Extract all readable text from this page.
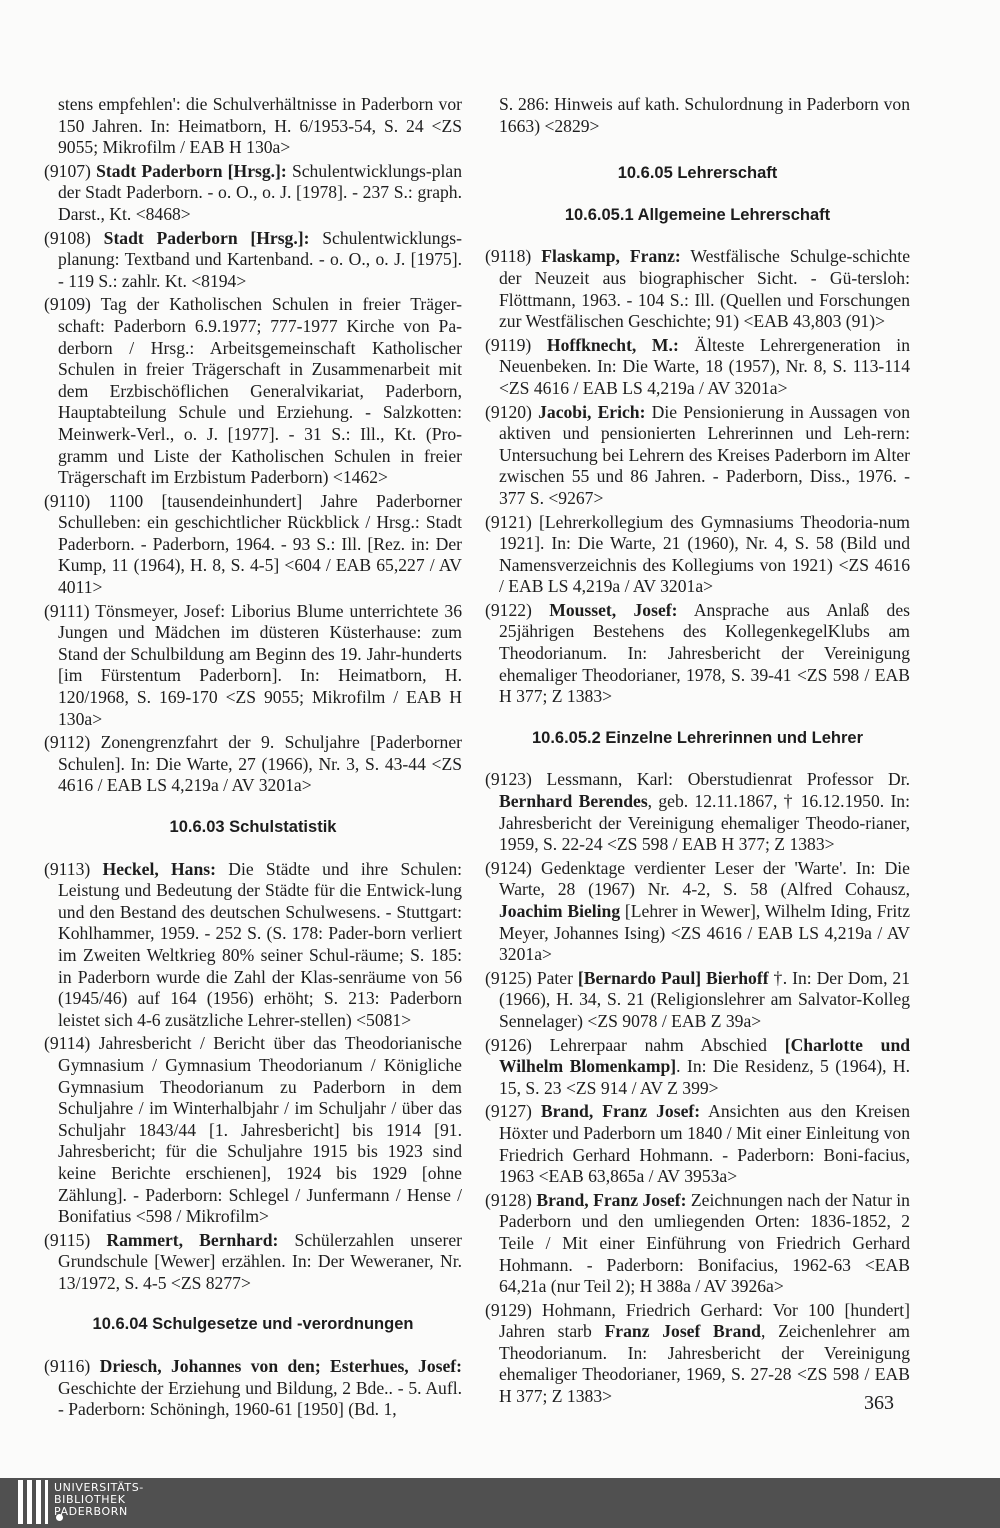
stens empfehlen': die Schulverhältnisse in Paderborn vor 150 Jahren. In: Heimatborn, H. 6/1953-54, S. 24 <ZS 9055; Mikrofilm / EAB H 130a>

(9107) Stadt Paderborn [Hrsg.]: Schulentwicklungs-plan der Stadt Paderborn. - o. O., o. J. [1978]. - 237 S.: graph. Darst., Kt. <8468>

(9108) Stadt Paderborn [Hrsg.]: Schulentwicklungs-planung: Textband und Kartenband. - o. O., o. J. [1975]. - 119 S.: zahlr. Kt. <8194>

(9109) Tag der Katholischen Schulen in freier Träger-schaft: Paderborn 6.9.1977; 777-1977 Kirche von Pa-derborn / Hrsg.: Arbeitsgemeinschaft Katholischer Schulen in freier Trägerschaft in Zusammenarbeit mit dem Erzbischöflichen Generalvikariat, Paderborn, Hauptabteilung Schule und Erziehung. - Salzkotten: Meinwerk-Verl., o. J. [1977]. - 31 S.: Ill., Kt. (Pro-gramm und Liste der Katholischen Schulen in freier Trägerschaft im Erzbistum Paderborn) <1462>

(9110) 1100 [tausendeinhundert] Jahre Paderborner Schulleben: ein geschichtlicher Rückblick / Hrsg.: Stadt Paderborn. - Paderborn, 1964. - 93 S.: Ill. [Rez. in: Der Kump, 11 (1964), H. 8, S. 4-5] <604 / EAB 65,227 / AV 4011>

(9111) Tönsmeyer, Josef: Liborius Blume unterrichtete 36 Jungen und Mädchen im düsteren Küsterhause: zum Stand der Schulbildung am Beginn des 19. Jahr-hunderts [im Fürstentum Paderborn]. In: Heimatborn, H. 120/1968, S. 169-170 <ZS 9055; Mikrofilm / EAB H 130a>

(9112) Zonengrenzfahrt der 9. Schuljahre [Paderborner Schulen]. In: Die Warte, 27 (1966), Nr. 3, S. 43-44 <ZS 4616 / EAB LS 4,219a / AV 3201a>

10.6.03 Schulstatistik

(9113) Heckel, Hans: Die Städte und ihre Schulen: Leistung und Bedeutung der Städte für die Entwick-lung und den Bestand des deutschen Schulwesens. - Stuttgart: Kohlhammer, 1959. - 252 S. (S. 178: Pader-born verliert im Zweiten Weltkrieg 80% seiner Schul-räume; S. 185: in Paderborn wurde die Zahl der Klas-senräume von 56 (1945/46) auf 164 (1956) erhöht; S. 213: Paderborn leistet sich 4-6 zusätzliche Lehrer-stellen) <5081>

(9114) Jahresbericht / Bericht über das Theodorianische Gymnasium / Gymnasium Theodorianum / Königliche Gymnasium Theodorianum zu Paderborn in dem Schuljahre / im Winterhalbjahr / im Schuljahr / über das Schuljahr 1843/44 [1. Jahresbericht] bis 1914 [91. Jahresbericht; für die Schuljahre 1915 bis 1923 sind keine Berichte erschienen], 1924 bis 1929 [ohne Zählung]. - Paderborn: Schlegel / Junfermann / Hense / Bonifatius <598 / Mikrofilm>

(9115) Rammert, Bernhard: Schülerzahlen unserer Grundschule [Wewer] erzählen. In: Der Weweraner, Nr. 13/1972, S. 4-5 <ZS 8277>

10.6.04 Schulgesetze und -verordnungen

(9116) Driesch, Johannes von den; Esterhues, Josef: Geschichte der Erziehung und Bildung, 2 Bde.. - 5. Aufl. - Paderborn: Schöningh, 1960-61 [1950] (Bd. 1,

S. 286: Hinweis auf kath. Schulordnung in Paderborn von 1663) <2829>

10.6.05 Lehrerschaft
10.6.05.1 Allgemeine Lehrerschaft

(9118) Flaskamp, Franz: Westfälische Schulge-schichte der Neuzeit aus biographischer Sicht. - Gü-tersloh: Flöttmann, 1963. - 104 S.: Ill. (Quellen und Forschungen zur Westfälischen Geschichte; 91) <EAB 43,803 (91)>

(9119) Hoffknecht, M.: Älteste Lehrergeneration in Neuenbeken. In: Die Warte, 18 (1957), Nr. 8, S. 113-114 <ZS 4616 / EAB LS 4,219a / AV 3201a>

(9120) Jacobi, Erich: Die Pensionierung in Aussagen von aktiven und pensionierten Lehrerinnen und Leh-rern: Untersuchung bei Lehrern des Kreises Paderborn im Alter zwischen 55 und 86 Jahren. - Paderborn, Diss., 1976. - 377 S. <9267>

(9121) [Lehrerkollegium des Gymnasiums Theodoria-num 1921]. In: Die Warte, 21 (1960), Nr. 4, S. 58 (Bild und Namensverzeichnis des Kollegiums von 1921) <ZS 4616 / EAB LS 4,219a / AV 3201a>

(9122) Mousset, Josef: Ansprache aus Anlaß des 25jährigen Bestehens des KollegenkegelKlubs am Theodorianum. In: Jahresbericht der Vereinigung ehemaliger Theodorianer, 1978, S. 39-41 <ZS 598 / EAB H 377; Z 1383>

10.6.05.2 Einzelne Lehrerinnen und Lehrer

(9123) Lessmann, Karl: Oberstudienrat Professor Dr. Bernhard Berendes, geb. 12.11.1867, † 16.12.1950. In: Jahresbericht der Vereinigung ehemaliger Theodo-rianer, 1959, S. 22-24 <ZS 598 / EAB H 377; Z 1383>

(9124) Gedenktage verdienter Leser der 'Warte'. In: Die Warte, 28 (1967) Nr. 4-2, S. 58 (Alfred Cohausz, Joachim Bieling [Lehrer in Wewer], Wilhelm Iding, Fritz Meyer, Johannes Ising) <ZS 4616 / EAB LS 4,219a / AV 3201a>

(9125) Pater [Bernardo Paul] Bierhoff †. In: Der Dom, 21 (1966), H. 34, S. 21 (Religionslehrer am Salvator-Kolleg Sennelager) <ZS 9078 / EAB Z 39a>

(9126) Lehrerpaar nahm Abschied [Charlotte und Wilhelm Blomenkamp]. In: Die Residenz, 5 (1964), H. 15, S. 23 <ZS 914 / AV Z 399>

(9127) Brand, Franz Josef: Ansichten aus den Kreisen Höxter und Paderborn um 1840 / Mit einer Einleitung von Friedrich Gerhard Hohmann. - Paderborn: Boni-facius, 1963 <EAB 63,865a / AV 3953a>

(9128) Brand, Franz Josef: Zeichnungen nach der Natur in Paderborn und den umliegenden Orten: 1836-1852, 2 Teile / Mit einer Einführung von Friedrich Gerhard Hohmann. - Paderborn: Bonifacius, 1962-63 <EAB 64,21a (nur Teil 2); H 388a / AV 3926a>

(9129) Hohmann, Friedrich Gerhard: Vor 100 [hundert] Jahren starb Franz Josef Brand, Zeichenlehrer am Theodorianum. In: Jahresbericht der Vereinigung ehemaliger Theodorianer, 1969, S. 27-28 <ZS 598 / EAB H 377; Z 1383>	363
UNIVERSITÄTS-
BIBLIOTHEK
PADERBORN
